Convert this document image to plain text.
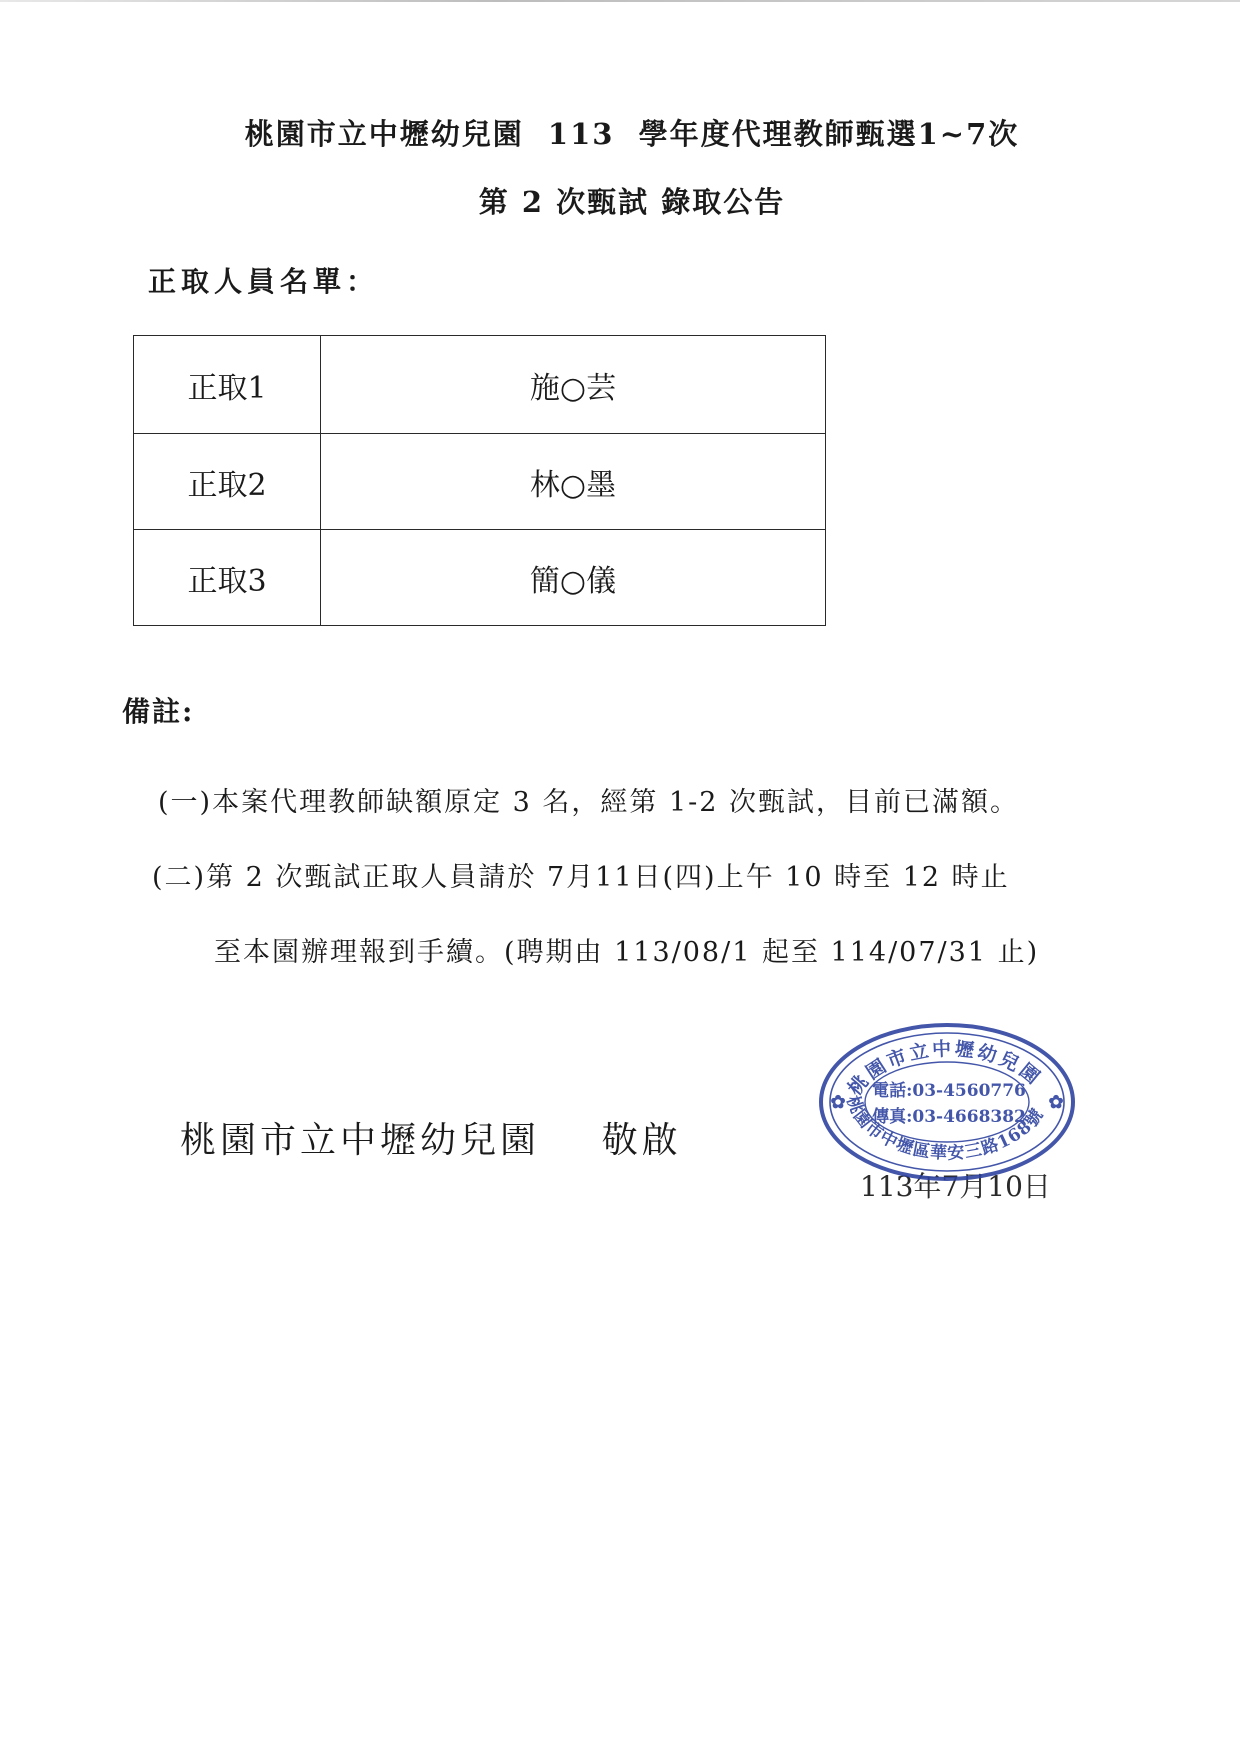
桃園市立中壢幼兒園  113  學年度代理教師甄選1~7次
第 2 次甄試 錄取公告
正取人員名單：
正取1	施○芸
正取2	林○墨
正取3	簡○儀
備註:
(一)本案代理教師缺額原定 3 名，經第 1-2 次甄試，目前已滿額。
(二)第 2 次甄試正取人員請於 7月11日(四)上午 10 時至 12 時止
至本園辦理報到手續。(聘期由 113/08/1 起至 114/07/31 止)
桃園市立中壢幼兒園    敬啟
113年7月10日
桃園市立中壢幼兒園
桃園市中壢區華安三路168號
電話:03-4560776
傳真:03-4668382
✿	✿
